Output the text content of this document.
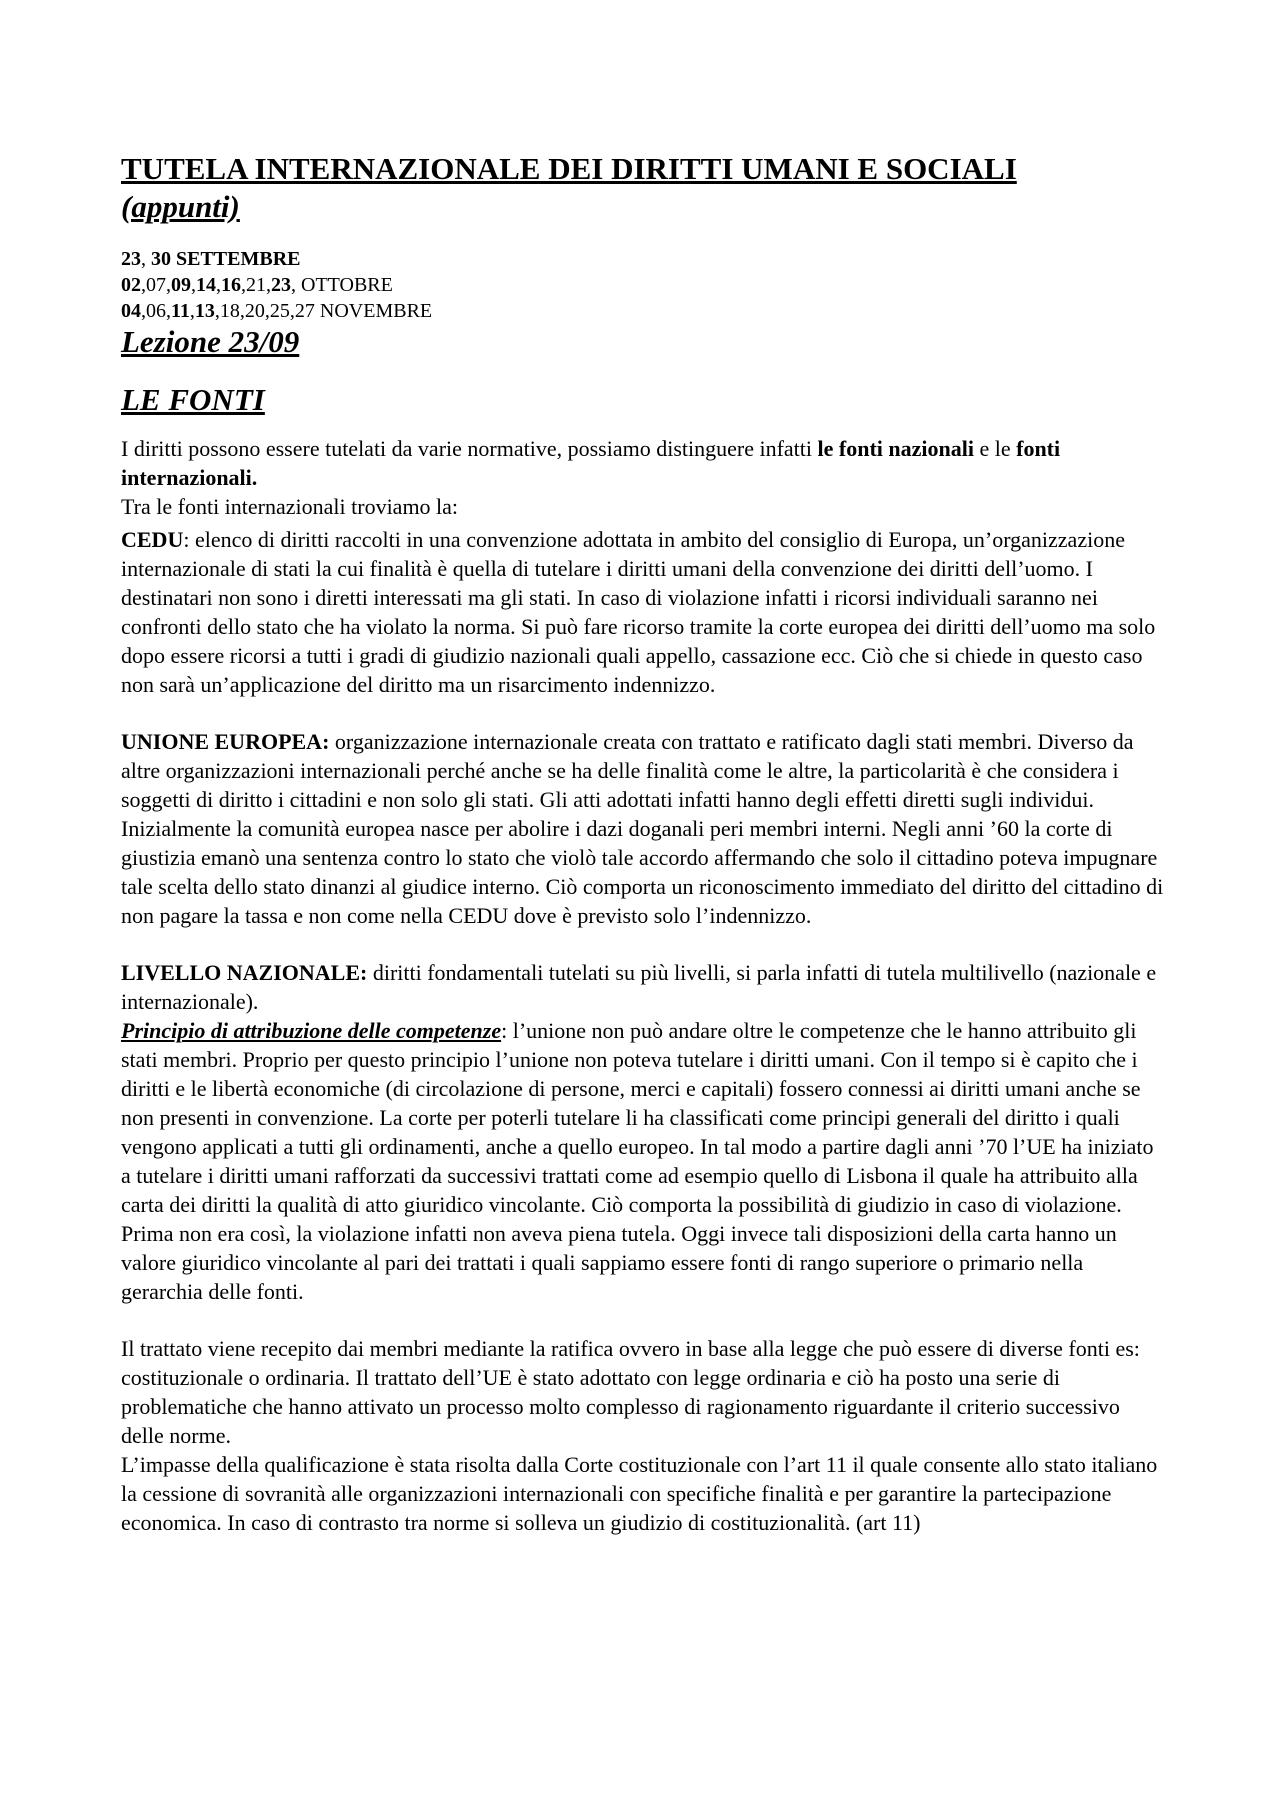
TUTELA INTERNAZIONALE DEI DIRITTI UMANI E SOCIALI
(appunti)
23, 30 SETTEMBRE
02,07,09,14,16,21,23, OTTOBRE
04,06,11,13,18,20,25,27 NOVEMBRE
Lezione 23/09
LE FONTI

I diritti possono essere tutelati da varie normative, possiamo distinguere infatti le fonti nazionali e le fonti internazionali.

Tra le fonti internazionali troviamo la:

CEDU: elenco di diritti raccolti in una convenzione adottata in ambito del consiglio di Europa, un’organizzazione internazionale di stati la cui finalità è quella di tutelare i diritti umani della convenzione dei diritti dell’uomo. I destinatari non sono i diretti interessati ma gli stati. In caso di violazione infatti i ricorsi individuali saranno nei confronti dello stato che ha violato la norma. Si può fare ricorso tramite la corte europea dei diritti dell’uomo ma solo dopo essere ricorsi a tutti i gradi di giudizio nazionali quali appello, cassazione ecc. Ciò che si chiede in questo caso non sarà un’applicazione del diritto ma un risarcimento indennizzo.

UNIONE EUROPEA: organizzazione internazionale creata con trattato e ratificato dagli stati membri. Diverso da altre organizzazioni internazionali perché anche se ha delle finalità come le altre, la particolarità è che considera i soggetti di diritto i cittadini e non solo gli stati. Gli atti adottati infatti hanno degli effetti diretti sugli individui. Inizialmente la comunità europea nasce per abolire i dazi doganali peri membri interni. Negli anni ’60 la corte di giustizia emanò una sentenza contro lo stato che violò tale accordo affermando che solo il cittadino poteva impugnare tale scelta dello stato dinanzi al giudice interno. Ciò comporta un riconoscimento immediato del diritto del cittadino di non pagare la tassa e non come nella CEDU dove è previsto solo l’indennizzo.

LIVELLO NAZIONALE: diritti fondamentali tutelati su più livelli, si parla infatti di tutela multilivello (nazionale e internazionale).

Principio di attribuzione delle competenze: l’unione non può andare oltre le competenze che le hanno attribuito gli stati membri. Proprio per questo principio l’unione non poteva tutelare i diritti umani. Con il tempo si è capito che i diritti e le libertà economiche (di circolazione di persone, merci e capitali) fossero connessi ai diritti umani anche se non presenti in convenzione. La corte per poterli tutelare li ha classificati come principi generali del diritto i quali vengono applicati a tutti gli ordinamenti, anche a quello europeo. In tal modo a partire dagli anni ’70 l’UE ha iniziato a tutelare i diritti umani rafforzati da successivi trattati come ad esempio quello di Lisbona il quale ha attribuito alla carta dei diritti la qualità di atto giuridico vincolante. Ciò comporta la possibilità di giudizio in caso di violazione. Prima non era così, la violazione infatti non aveva piena tutela. Oggi invece tali disposizioni della carta hanno un valore giuridico vincolante al pari dei trattati i quali sappiamo essere fonti di rango superiore o primario nella gerarchia delle fonti.

Il trattato viene recepito dai membri mediante la ratifica ovvero in base alla legge che può essere di diverse fonti es: costituzionale o ordinaria. Il trattato dell’UE è stato adottato con legge ordinaria e ciò ha posto una serie di problematiche che hanno attivato un processo molto complesso di ragionamento riguardante il criterio successivo delle norme.

L’impasse della qualificazione è stata risolta dalla Corte costituzionale con l’art 11 il quale consente allo stato italiano la cessione di sovranità alle organizzazioni internazionali con specifiche finalità e per garantire la partecipazione economica. In caso di contrasto tra norme si solleva un giudizio di costituzionalità. (art 11)
